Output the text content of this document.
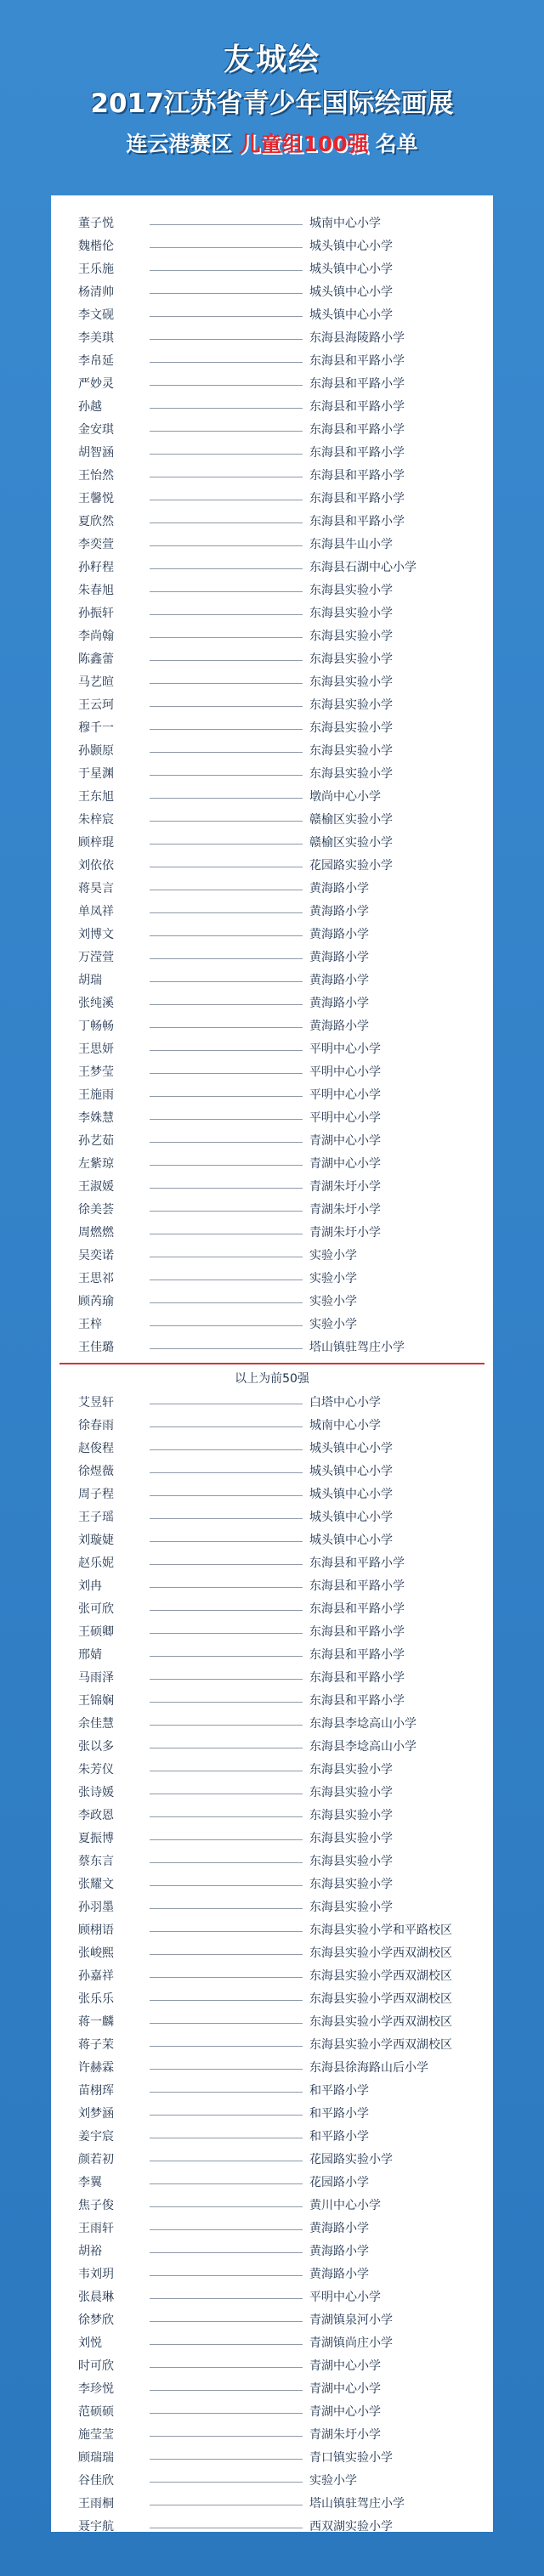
友城绘
2017江苏省青少年国际绘画展
连云港赛区 儿童组100强 名单
董子悦	城南中心小学
魏楷伦	城头镇中心小学
王乐施	城头镇中心小学
杨清帅	城头镇中心小学
李文砚	城头镇中心小学
李美琪	东海县海陵路小学
李帛延	东海县和平路小学
严妙灵	东海县和平路小学
孙越	东海县和平路小学
金安琪	东海县和平路小学
胡智涵	东海县和平路小学
王怡然	东海县和平路小学
王馨悦	东海县和平路小学
夏欣然	东海县和平路小学
李奕萱	东海县牛山小学
孙籽程	东海县石湖中心小学
朱春旭	东海县实验小学
孙振轩	东海县实验小学
李尚翰	东海县实验小学
陈鑫蕾	东海县实验小学
马艺暄	东海县实验小学
王云珂	东海县实验小学
穆千一	东海县实验小学
孙颢原	东海县实验小学
于星渊	东海县实验小学
王东旭	墩尚中心小学
朱梓宸	赣榆区实验小学
顾梓琨	赣榆区实验小学
刘依依	花园路实验小学
蒋昊言	黄海路小学
单凤祥	黄海路小学
刘博文	黄海路小学
万滢萱	黄海路小学
胡瑞	黄海路小学
张纯溪	黄海路小学
丁畅畅	黄海路小学
王思妍	平明中心小学
王梦莹	平明中心小学
王施雨	平明中心小学
李姝慧	平明中心小学
孙艺茹	青湖中心小学
左紫琼	青湖中心小学
王淑媛	青湖朱圩小学
徐美荟	青湖朱圩小学
周燃燃	青湖朱圩小学
吴奕诺	实验小学
王思祁	实验小学
顾芮瑜	实验小学
王梓	实验小学
王佳璐	塔山镇驻驾庄小学
以上为前50强
艾昱轩	白塔中心小学
徐春雨	城南中心小学
赵俊程	城头镇中心小学
徐煜薇	城头镇中心小学
周子程	城头镇中心小学
王子瑶	城头镇中心小学
刘璇婕	城头镇中心小学
赵乐妮	东海县和平路小学
刘冉	东海县和平路小学
张可欣	东海县和平路小学
王硕卿	东海县和平路小学
邢婧	东海县和平路小学
马雨泽	东海县和平路小学
王锦娴	东海县和平路小学
余佳慧	东海县李埝高山小学
张以多	东海县李埝高山小学
朱芳仪	东海县实验小学
张诗媛	东海县实验小学
李政恩	东海县实验小学
夏振博	东海县实验小学
蔡东言	东海县实验小学
张耀文	东海县实验小学
孙羽墨	东海县实验小学
顾栩语	东海县实验小学和平路校区
张峻熙	东海县实验小学西双湖校区
孙嘉祥	东海县实验小学西双湖校区
张乐乐	东海县实验小学西双湖校区
蒋一麟	东海县实验小学西双湖校区
蒋子茉	东海县实验小学西双湖校区
许赫霖	东海县徐海路山后小学
苗栩珲	和平路小学
刘梦涵	和平路小学
姜宇宸	和平路小学
颜若初	花园路实验小学
李翼	花园路小学
焦子俊	黄川中心小学
王雨轩	黄海路小学
胡裕	黄海路小学
韦刘玥	黄海路小学
张晨琳	平明中心小学
徐梦欣	青湖镇泉河小学
刘悦	青湖镇尚庄小学
时可欣	青湖中心小学
李珍悦	青湖中心小学
范硕硕	青湖中心小学
施莹莹	青湖朱圩小学
顾瑞瑞	青口镇实验小学
谷佳欣	实验小学
王雨桐	塔山镇驻驾庄小学
聂宇航	西双湖实验小学
